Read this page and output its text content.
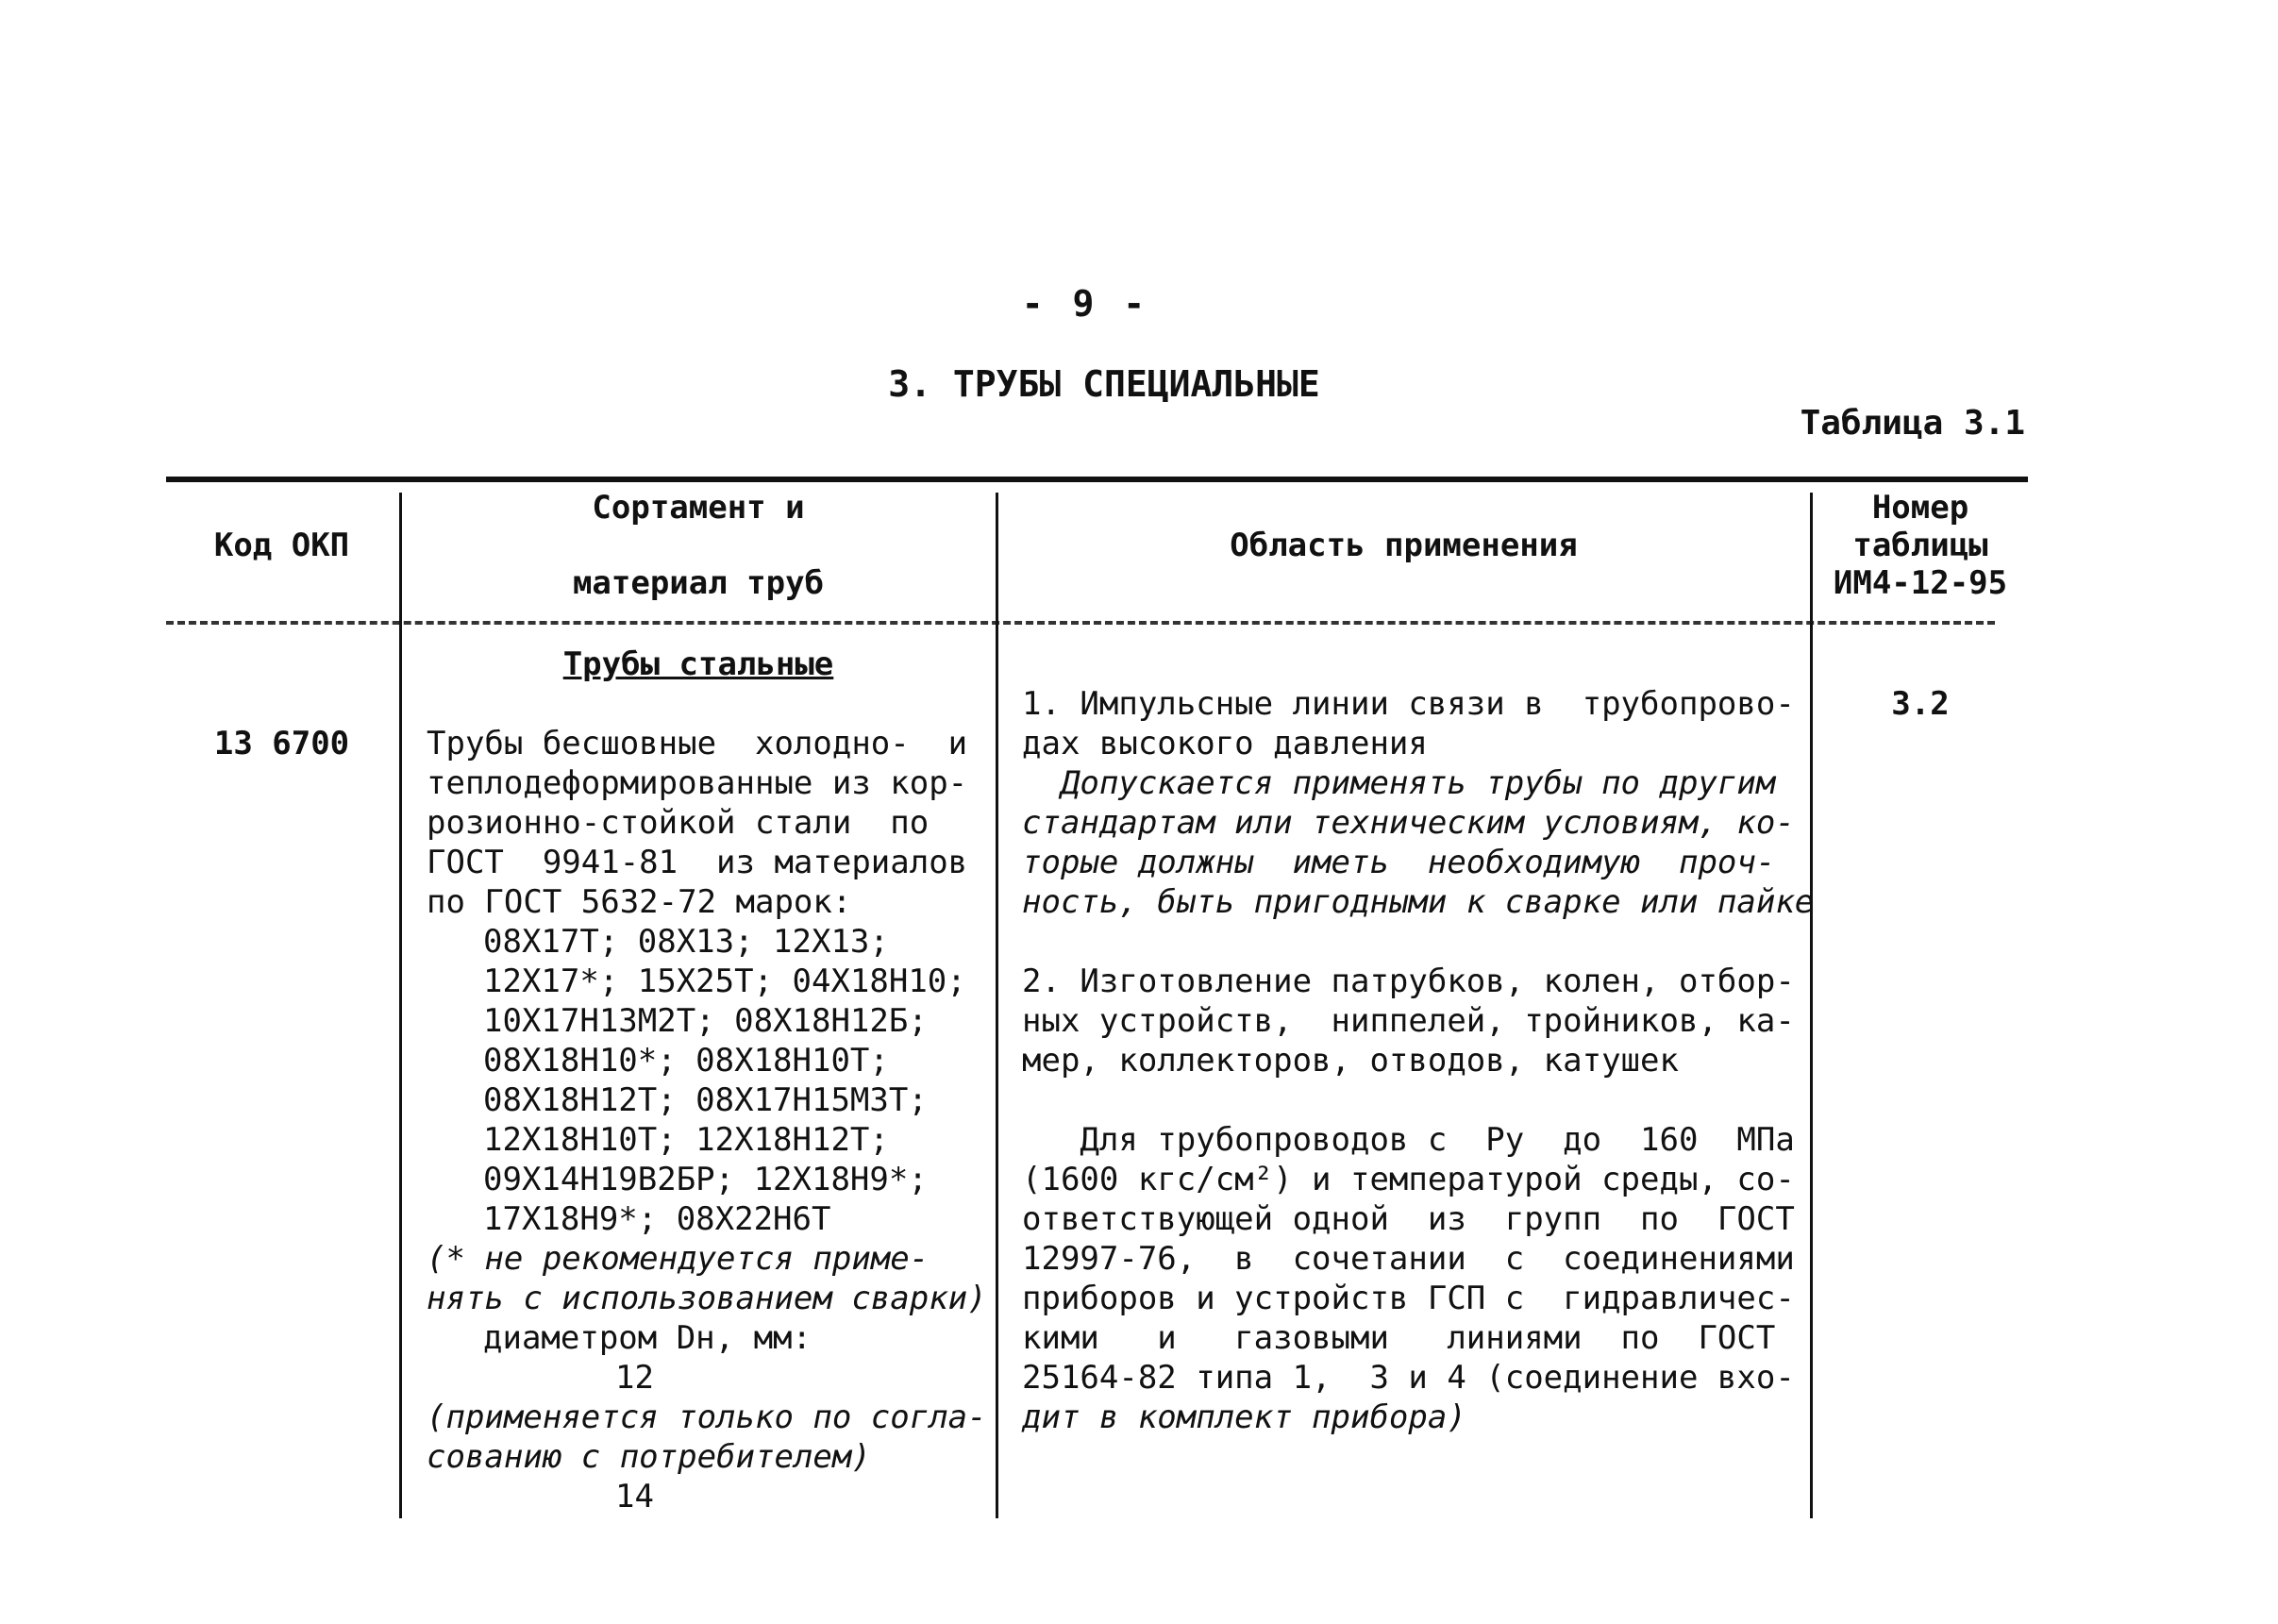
- 9 -
3. ТРУБЫ СПЕЦИАЛЬНЫЕ
Таблица 3.1
Код ОКП
Сортамент и
материал труб
Область применения
Номер
таблицы
ИМ4-12-95
Трубы стальные
13 6700
3.2
Трубы бесшовные  холодно-  и
теплодеформированные из кор-
розионно-стойкой стали  по
ГОСТ  9941-81  из материалов
по ГОСТ 5632-72 марок:
08Х17Т; 08Х13; 12Х13;
12Х17*; 15Х25Т; 04Х18Н10;
10Х17Н13М2Т; 08Х18Н12Б;
08Х18Н10*; 08Х18Н10Т;
08Х18Н12Т; 08Х17Н15М3Т;
12Х18Н10Т; 12Х18Н12Т;
09Х14Н19В2БР; 12Х18Н9*;
17Х18Н9*; 08Х22Н6Т
(* не рекомендуется приме-
нять с использованием сварки)
диаметром Dн, мм:
12
(применяется только по согла-
сованию с потребителем)
14
1. Импульсные линии связи в  трубопрово-
дах высокого давления
Допускается применять трубы по другим
стандартам или техническим условиям, ко-
торые должны  иметь  необходимую  проч-
ность, быть пригодными к сварке или пайке

2. Изготовление патрубков, колен, отбор-
ных устройств,  ниппелей, тройников, ка-
мер, коллекторов, отводов, катушек

Для трубопроводов с  Ру  до  160  МПа
(1600 кгс/см²) и температурой среды, со-
ответствующей одной  из  групп  по  ГОСТ
12997-76,  в  сочетании  с  соединениями
приборов и устройств ГСП с  гидравличес-
кими   и   газовыми   линиями  по  ГОСТ
25164-82 типа 1,  3 и 4 (соединение вхо-
дит в комплект прибора)
